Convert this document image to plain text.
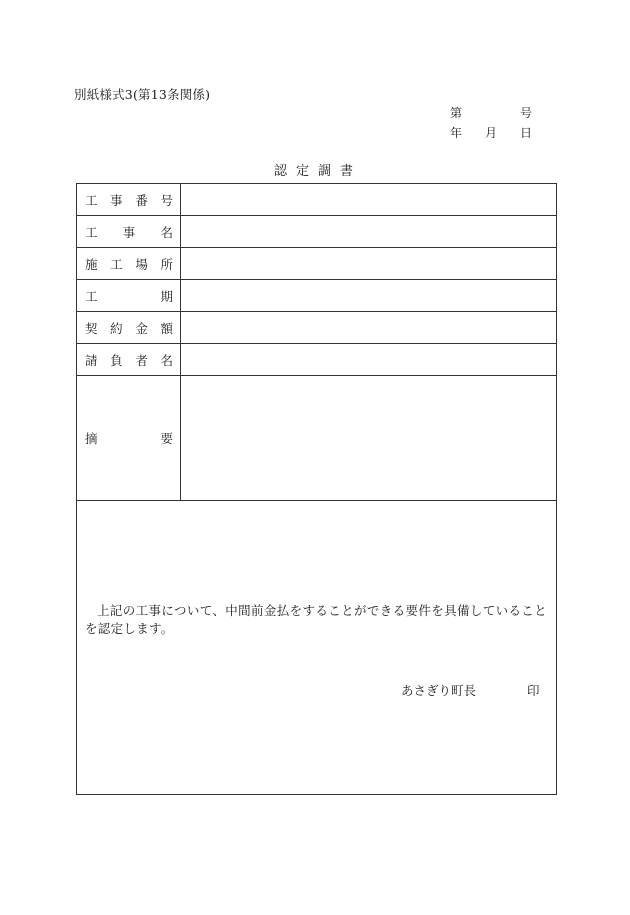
別紙様式3(第13条関係)
第	号
年 月 日
認定調書
工 事 番 号
工 事 名
施 工 場 所
工	期
契 約 金 額
請 負 者 名
摘	要
上記の工事について、中間前金払をすることができる要件を具備していることを認定します。
あさぎり町長	印
